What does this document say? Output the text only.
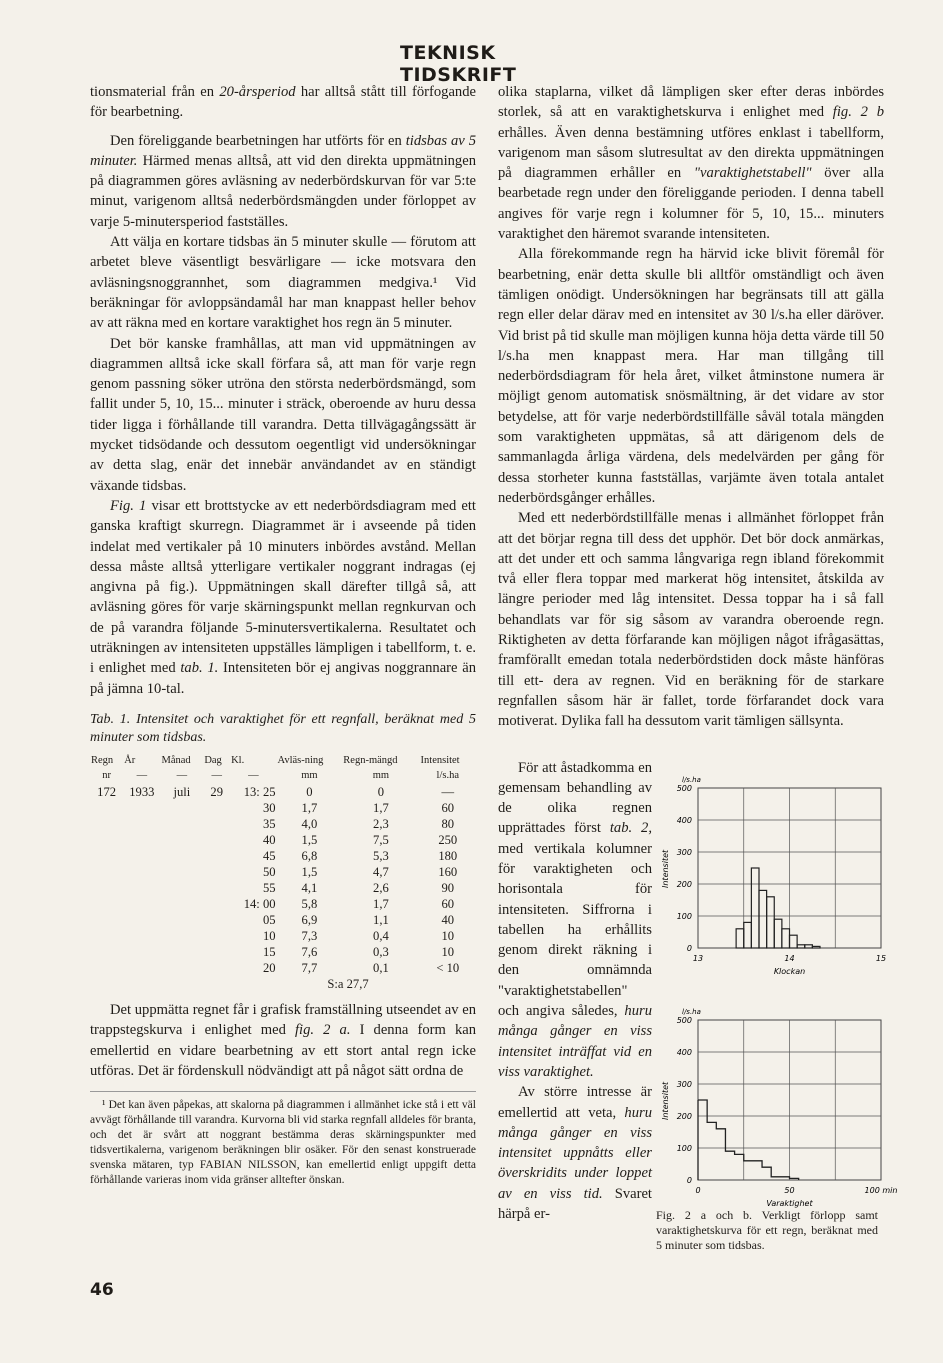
TEKNISK TIDSKRIFT

tionsmaterial från en 20-årsperiod har alltså stått till förfogande för bearbetning.

Den föreliggande bearbetningen har utförts för en tidsbas av 5 minuter. Härmed menas alltså, att vid den direkta uppmätningen på diagrammen göres avläsning av nederbördskurvan för var 5:te minut, varigenom alltså nederbördsmängden under förloppet av varje 5-minutersperiod fastställes.

Att välja en kortare tidsbas än 5 minuter skulle — förutom att arbetet bleve väsentligt besvärligare — icke motsvara den avläsningsnoggrannhet, som diagrammen medgiva.¹ Vid beräkningar för avloppsändamål har man knappast heller behov av att räkna med en kortare varaktighet hos regn än 5 minuter.

Det bör kanske framhållas, att man vid uppmätningen av diagrammen alltså icke skall förfara så, att man för varje regn genom passning söker utröna den största nederbördsmängd, som fallit under 5, 10, 15... minuter i sträck, oberoende av huru dessa tider ligga i förhållande till varandra. Detta tillvägagångssätt är mycket tidsödande och dessutom oegentligt vid undersökningar av detta slag, enär det innebär användandet av en ständigt växande tidsbas.

Fig. 1 visar ett brottstycke av ett nederbördsdiagram med ett ganska kraftigt skurregn. Diagrammet är i avseende på tiden indelat med vertikaler på 10 minuters inbördes avstånd. Mellan dessa måste alltså ytterligare vertikaler noggrant indragas (ej angivna på fig.). Uppmätningen skall därefter tillgå så, att avläsning göres för varje skärningspunkt mellan regnkurvan och de på varandra följande 5-minutersvertikalerna. Resultatet och uträkningen av intensiteten uppställes lämpligen i tabellform, t. e. i enlighet med tab. 1. Intensiteten bör ej angivas noggrannare än på jämna 10-tal.

Tab. 1. Intensitet och varaktighet för ett regnfall, beräknat med 5 minuter som tidsbas.
Regn	År	Månad	Dag	Kl.	Avläs-ning	Regn-mängd	Intensitet
nr	—	—	—	—	mm	mm	l/s.ha
172	1933	juli	29	13: 25	0	0	—
				30	1,7	1,7	60
				35	4,0	2,3	80
				40	1,5	7,5	250
				45	6,8	5,3	180
				50	1,5	4,7	160
				55	4,1	2,6	90
				14: 00	5,8	1,7	60
				05	6,9	1,1	40
				10	7,3	0,4	10
				15	7,6	0,3	10
				20	7,7	0,1	< 10
					S:a 27,7		

Det uppmätta regnet får i grafisk framställning utseendet av en trappstegskurva i enlighet med fig. 2 a. I denna form kan emellertid en vidare bearbetning av ett stort antal regn icke utföras. Det är fördenskull nödvändigt att på något sätt ordna de

¹ Det kan även påpekas, att skalorna på diagrammen i allmänhet icke stå i ett väl avvägt förhållande till varandra. Kurvorna bli vid starka regnfall alldeles för branta, och det är svårt att noggrant bestämma deras skärningspunkter med tidsvertikalerna, varigenom beräkningen blir osäker. För den senast konstruerade svenska mätaren, typ FABIAN NILSSON, kan emellertid enligt uppgift detta förhållande varieras inom vida gränser alltefter önskan.

olika staplarna, vilket då lämpligen sker efter deras inbördes storlek, så att en varaktighetskurva i enlighet med fig. 2 b erhålles. Även denna bestämning utföres enklast i tabellform, varigenom man såsom slutresultat av den direkta uppmätningen på diagrammen erhåller en "varaktighetstabell" över alla bearbetade regn under den föreliggande perioden. I denna tabell angives för varje regn i kolumner för 5, 10, 15... minuters varaktighet den häremot svarande intensiteten.

Alla förekommande regn ha härvid icke blivit föremål för bearbetning, enär detta skulle bli alltför omständligt och även tämligen onödigt. Undersökningen har begränsats till att gälla regn eller delar därav med en intensitet av 30 l/s.ha eller däröver. Vid brist på tid skulle man möjligen kunna höja detta värde till 50 l/s.ha men knappast mera. Har man tillgång till nederbördsdiagram för hela året, vilket åtminstone numera är möjligt genom automatisk snösmältning, är det vidare av stor betydelse, att för varje nederbördstillfälle såväl totala mängden som varaktigheten uppmätas, så att därigenom dels de sammanlagda årliga värdena, dels medelvärden per gång för dessa storheter kunna fastställas, varjämte även totala antalet nederbördsgånger erhålles.

Med ett nederbördstillfälle menas i allmänhet förloppet från att det börjar regna till dess det upphör. Det bör dock anmärkas, att det under ett och samma långvariga regn ibland förekommit två eller flera toppar med markerat hög intensitet, åtskilda av längre perioder med låg intensitet. Dessa toppar ha i så fall behandlats var för sig såsom av varandra oberoende regn. Riktigheten av detta förfarande kan möjligen något ifrågasättas, framförallt emedan totala nederbördstiden dock måste hänföras till ett- dera av regnen. Vid en beräkning för de starkare regnfallen såsom här är fallet, torde förfarandet dock vara motiverat. Dylika fall ha dessutom varit tämligen sällsynta.

För att åstadkomma en gemensam behandling av de olika regnen upprättades först tab. 2, med vertikala kolumner för varaktigheten och horisontala för intensiteten. Siffrorna i tabellen ha erhållits genom direkt räkning i den omnämnda "varaktighetstabellen" och angiva således, huru många gånger en viss intensitet inträffat vid en viss varaktighet.

Av större intresse är emellertid att veta, huru många gånger en viss intensitet uppnåtts eller överskridits under loppet av en viss tid. Svaret härpå er-

500
400
300
200
100
0
l/s.ha
Intensitet
13	14	15
Klockan
500
400
300
200
100
0
l/s.ha
Intensitet
0	50	100 min
Varaktighet
Fig. 2 a och b. Verkligt förlopp samt varaktighetskurva för ett regn, beräknat med 5 minuter som tidsbas.
46
